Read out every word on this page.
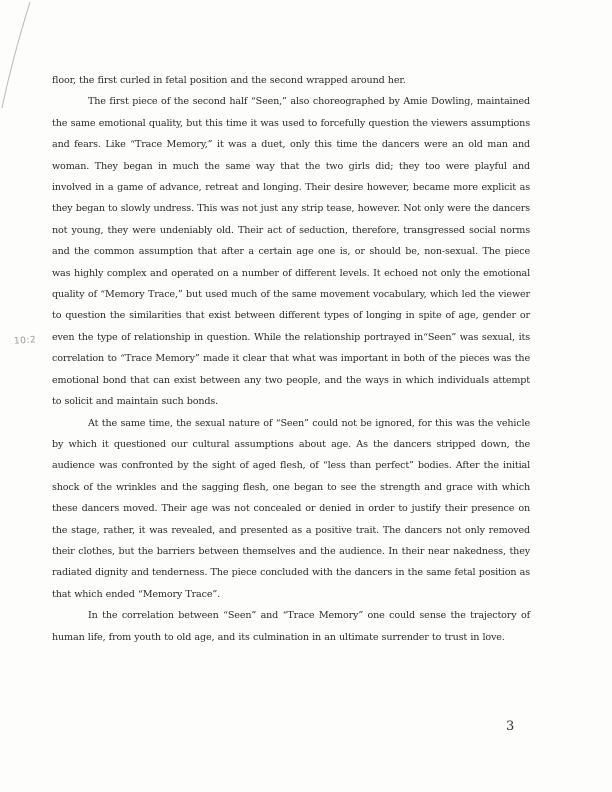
10:2

floor, the first curled in fetal position and the second wrapped around her.

The first piece of the second half “Seen,” also choreographed by Amie Dowling, maintained the same emotional quality, but this time it was used to forcefully question the viewers assumptions and fears. Like “Trace Memory,” it was a duet, only this time the dancers were an old man and woman. They began in much the same way that the two girls did; they too were playful and involved in a game of advance, retreat and longing. Their desire however, became more explicit as they began to slowly undress. This was not just any strip tease, however. Not only were the dancers not young, they were undeniably old. Their act of seduction, therefore, transgressed social norms and the common assumption that after a certain age one is, or should be, non-sexual. The piece was highly complex and operated on a number of different levels. It echoed not only the emotional quality of “Memory Trace,” but used much of the same movement vocabulary, which led the viewer to question the similarities that exist between different types of longing in spite of age, gender or even the type of relationship in question. While the relationship portrayed in“Seen” was sexual, its correlation to “Trace Memory” made it clear that what was important in both of the pieces was the emotional bond that can exist between any two people, and the ways in which individuals attempt to solicit and maintain such bonds.

At the same time, the sexual nature of “Seen” could not be ignored, for this was the vehicle by which it questioned our cultural assumptions about age. As the dancers stripped down, the audience was confronted by the sight of aged flesh, of “less than perfect” bodies. After the initial shock of the wrinkles and the sagging flesh, one began to see the strength and grace with which these dancers moved. Their age was not concealed or denied in order to justify their presence on the stage, rather, it was revealed, and presented as a positive trait. The dancers not only removed their clothes, but the barriers between themselves and the audience. In their near nakedness, they radiated dignity and tenderness. The piece concluded with the dancers in the same fetal position as that which ended “Memory Trace”.

In the correlation between “Seen” and “Trace Memory” one could sense the trajectory of human life, from youth to old age, and its culmination in an ultimate surrender to trust in love.

3
